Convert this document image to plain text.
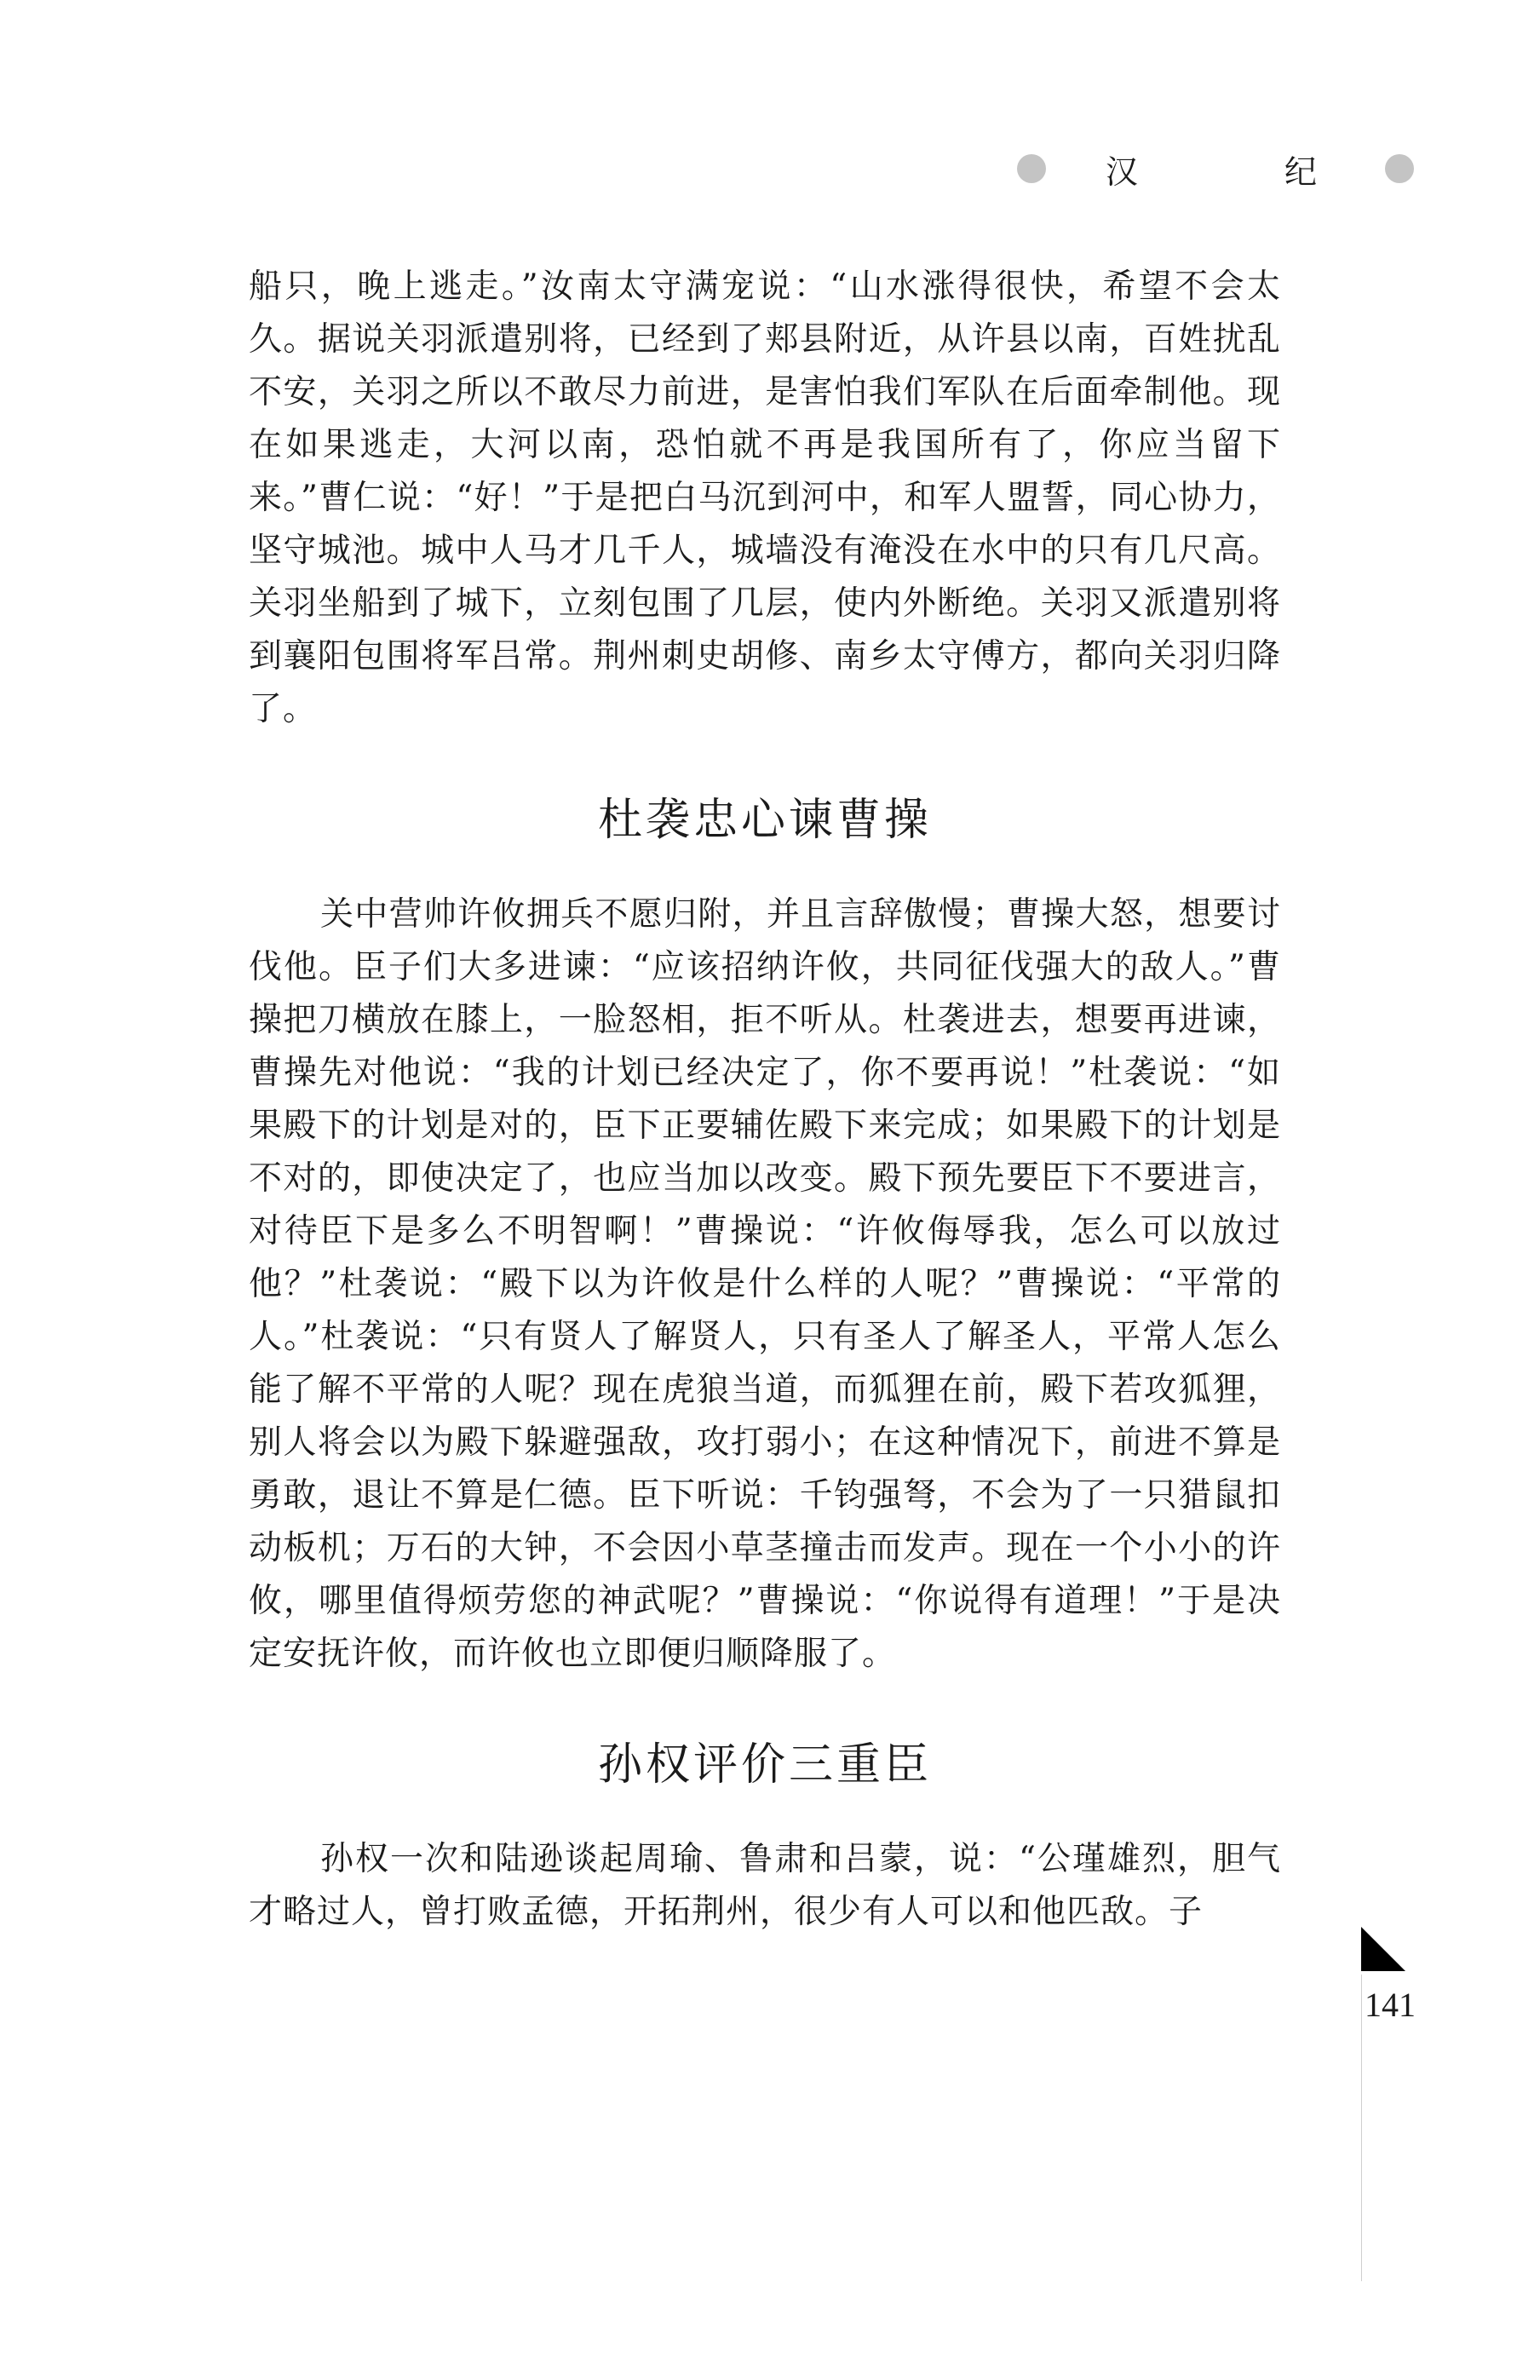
汉 纪

船只，晚上逃走。”汝南太守满宠说：“山水涨得很快，希望不会太久。据说关羽派遣别将，已经到了郏县附近，从许县以南，百姓扰乱不安，关羽之所以不敢尽力前进，是害怕我们军队在后面牵制他。现在如果逃走，大河以南，恐怕就不再是我国所有了，你应当留下来。”曹仁说：“好！”于是把白马沉到河中，和军人盟誓，同心协力，坚守城池。城中人马才几千人，城墙没有淹没在水中的只有几尺高。关羽坐船到了城下，立刻包围了几层，使内外断绝。关羽又派遣别将到襄阳包围将军吕常。荆州刺史胡修、南乡太守傅方，都向关羽归降了。

杜袭忠心谏曹操

关中营帅许攸拥兵不愿归附，并且言辞傲慢；曹操大怒，想要讨伐他。臣子们大多进谏：“应该招纳许攸，共同征伐强大的敌人。”曹操把刀横放在膝上，一脸怒相，拒不听从。杜袭进去，想要再进谏，曹操先对他说：“我的计划已经决定了，你不要再说！”杜袭说：“如果殿下的计划是对的，臣下正要辅佐殿下来完成；如果殿下的计划是不对的，即使决定了，也应当加以改变。殿下预先要臣下不要进言，对待臣下是多么不明智啊！”曹操说：“许攸侮辱我，怎么可以放过他？”杜袭说：“殿下以为许攸是什么样的人呢？”曹操说：“平常的人。”杜袭说：“只有贤人了解贤人，只有圣人了解圣人，平常人怎么能了解不平常的人呢？现在虎狼当道，而狐狸在前，殿下若攻狐狸，别人将会以为殿下躲避强敌，攻打弱小；在这种情况下，前进不算是勇敢，退让不算是仁德。臣下听说：千钧强弩，不会为了一只猎鼠扣动板机；万石的大钟，不会因小草茎撞击而发声。现在一个小小的许攸，哪里值得烦劳您的神武呢？”曹操说：“你说得有道理！”于是决定安抚许攸，而许攸也立即便归顺降服了。

孙权评价三重臣

孙权一次和陆逊谈起周瑜、鲁肃和吕蒙，说：“公瑾雄烈，胆气才略过人，曾打败孟德，开拓荆州，很少有人可以和他匹敌。子

141
